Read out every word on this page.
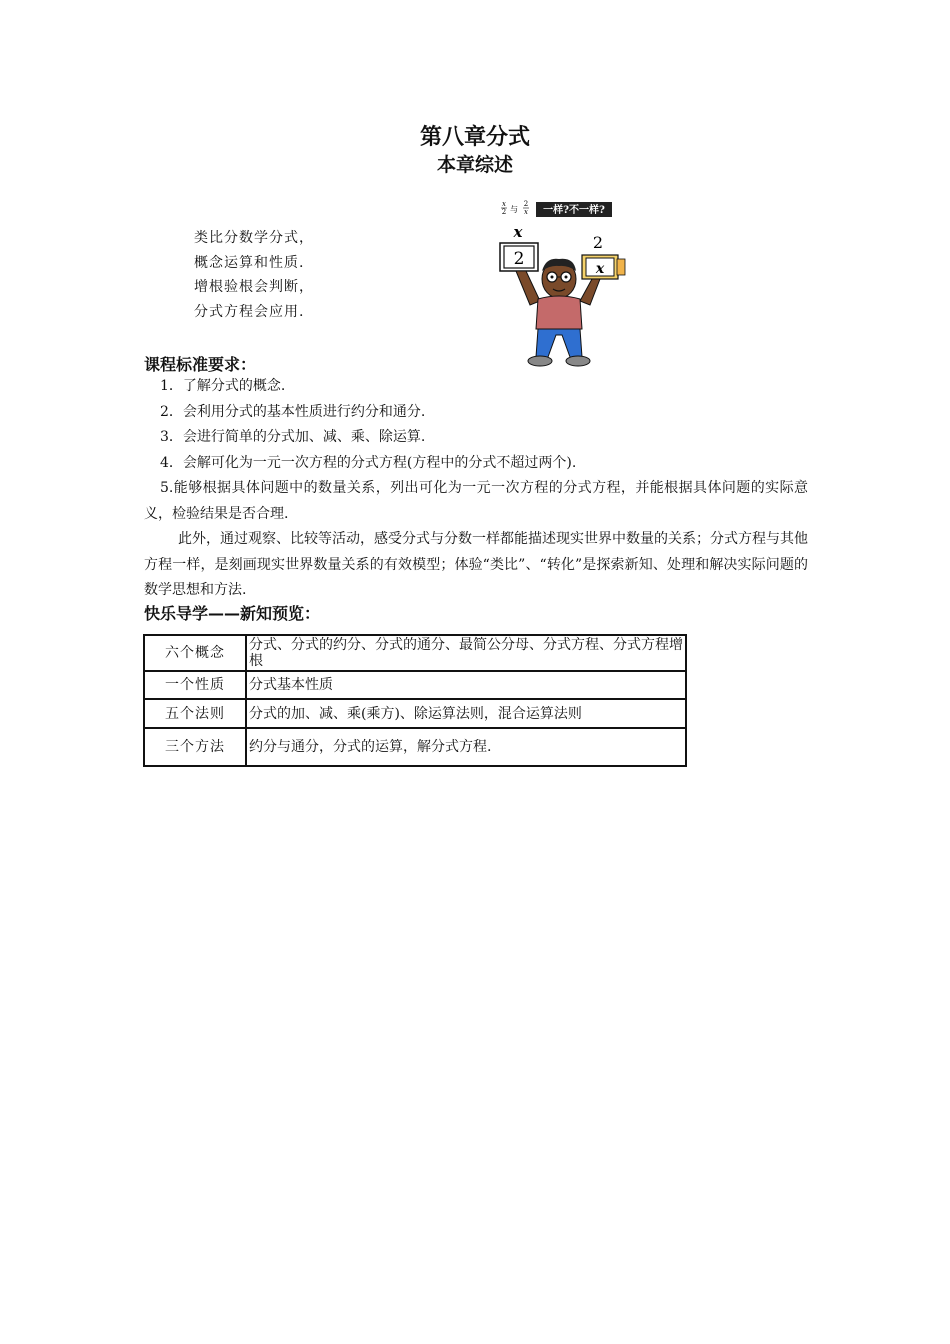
第八章分式
本章综述
类比分数学分式，
概念运算和性质.
增根验根会判断，
分式方程会应用.
x
2 与
2
x 一样?不一样?
x
2
2
x
课程标准要求：
1．了解分式的概念.
2．会利用分式的基本性质进行约分和通分.
3．会进行简单的分式加、减、乘、除运算.
4．会解可化为一元一次方程的分式方程(方程中的分式不超过两个).
5.能够根据具体问题中的数量关系，列出可化为一元一次方程的分式方程，并能根据具体问题的实际意义，检验结果是否合理.
此外，通过观察、比较等活动，感受分式与分数一样都能描述现实世界中数量的关系；分式方程与其他方程一样，是刻画现实世界数量关系的有效模型；体验“类比”、“转化”是探索新知、处理和解决实际问题的数学思想和方法.
快乐导学——新知预览：
六个概念	分式、分式的约分、分式的通分、最简公分母、分式方程、分式方程增根
一个性质	分式基本性质
五个法则	分式的加、减、乘(乘方)、除运算法则，混合运算法则
三个方法	约分与通分，分式的运算，解分式方程.
